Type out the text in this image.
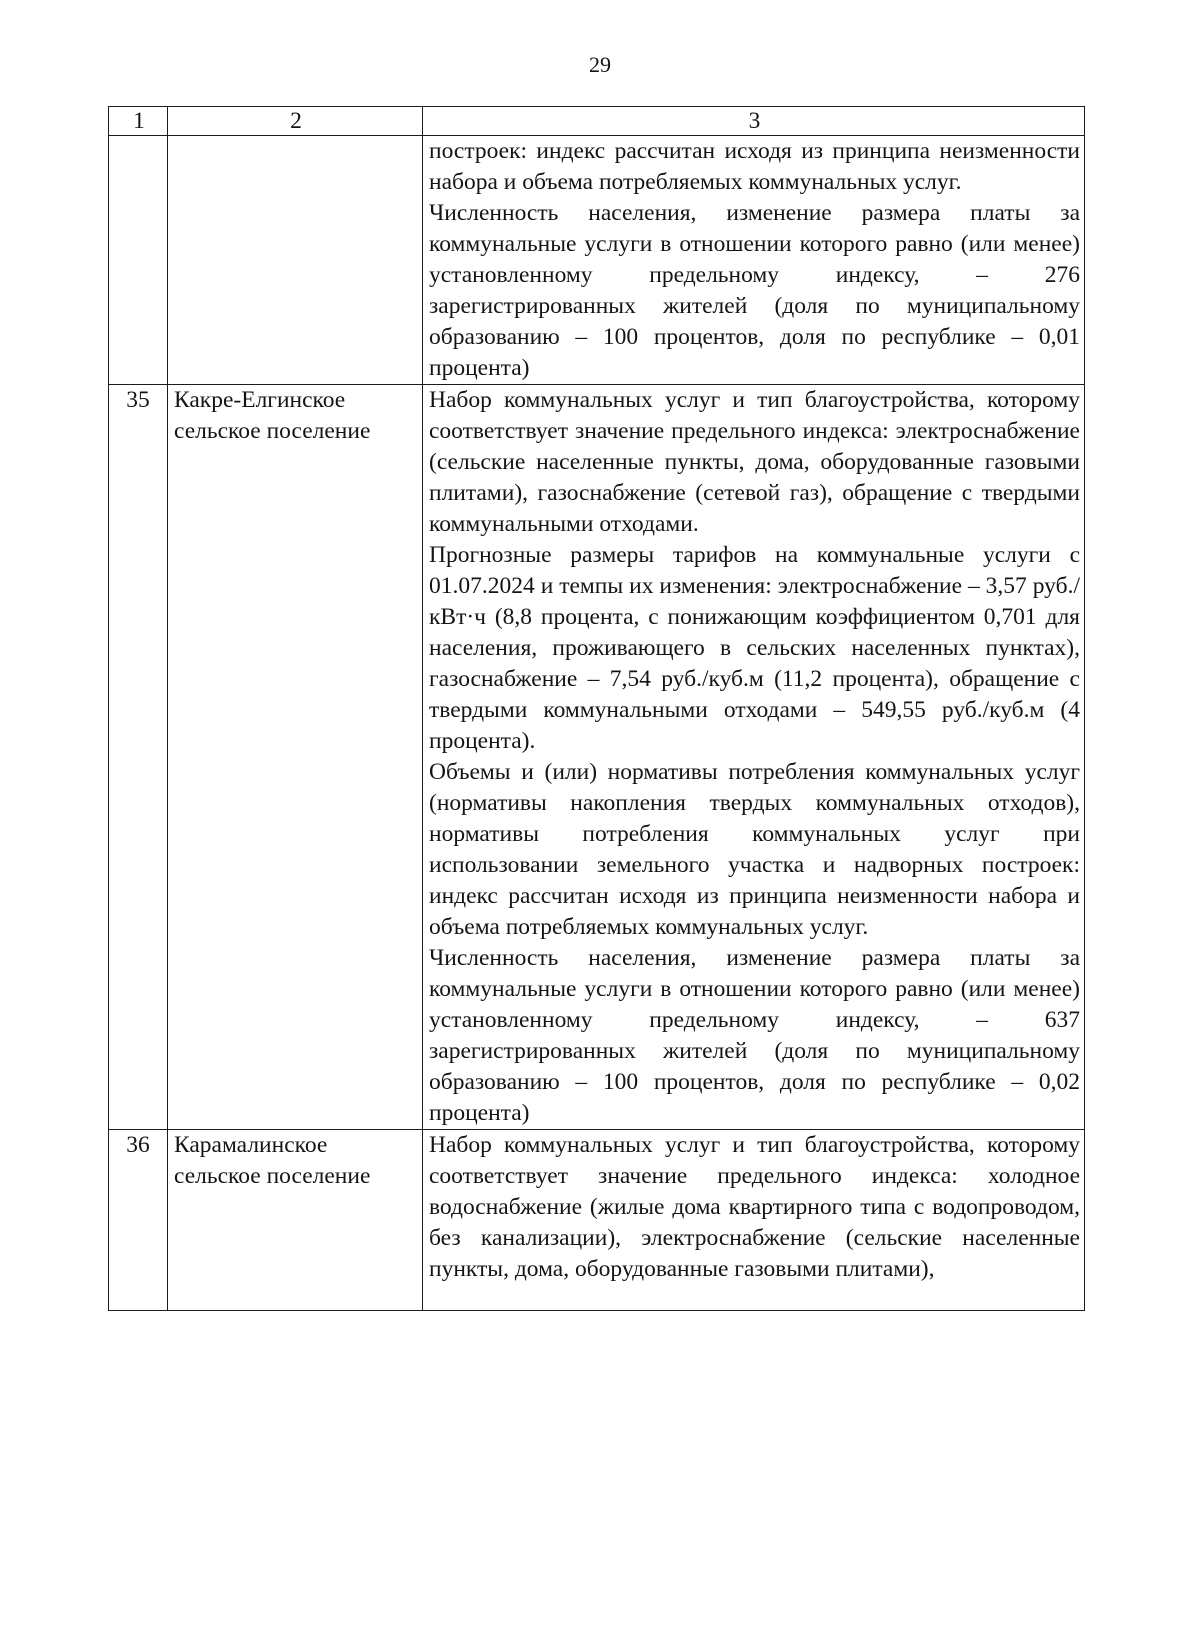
29
1	2	3

		построек: индекс рассчитан исходя из принципа неизменности набора и объема потребляемых коммунальных услуг.

Численность населения, изменение размера платы за коммунальные услуги в отношении которого равно (или менее) установленному предельному индексу, – 276 зарегистрированных жителей (доля по муниципальному образованию – 100 процентов, доля по республике – 0,01 процента)

35	Какре-Елгинское сельское поселение	Набор коммунальных услуг и тип благоустройства, которому соответствует значение предельного индекса: электроснабжение (сельские населенные пункты, дома, оборудованные газовыми плитами), газоснабжение (сетевой газ), обращение с твердыми коммунальными отходами.

Прогнозные размеры тарифов на коммунальные услуги с 01.07.2024 и темпы их изменения: электроснабжение – 3,57 руб./кВт·ч (8,8 процента, с понижающим коэффициентом 0,701 для населения, проживающего в сельских населенных пунктах), газоснабжение – 7,54 руб./куб.м (11,2 процента), обращение с твердыми коммунальными отходами – 549,55 руб./куб.м (4 процента).

Объемы и (или) нормативы потребления коммунальных услуг (нормативы накопления твердых коммунальных отходов), нормативы потребления коммунальных услуг при использовании земельного участка и надворных построек: индекс рассчитан исходя из принципа неизменности набора и объема потребляемых коммунальных услуг.

Численность населения, изменение размера платы за коммунальные услуги в отношении которого равно (или менее) установленному предельному индексу, – 637 зарегистрированных жителей (доля по муниципальному образованию – 100 процентов, доля по республике – 0,02 процента)

36	Карамалинское сельское поселение	Набор коммунальных услуг и тип благоустройства, которому соответствует значение предельного индекса: холодное водоснабжение (жилые дома квартирного типа с водопроводом, без канализации), электроснабжение (сельские населенные пункты, дома, оборудованные газовыми плитами),
